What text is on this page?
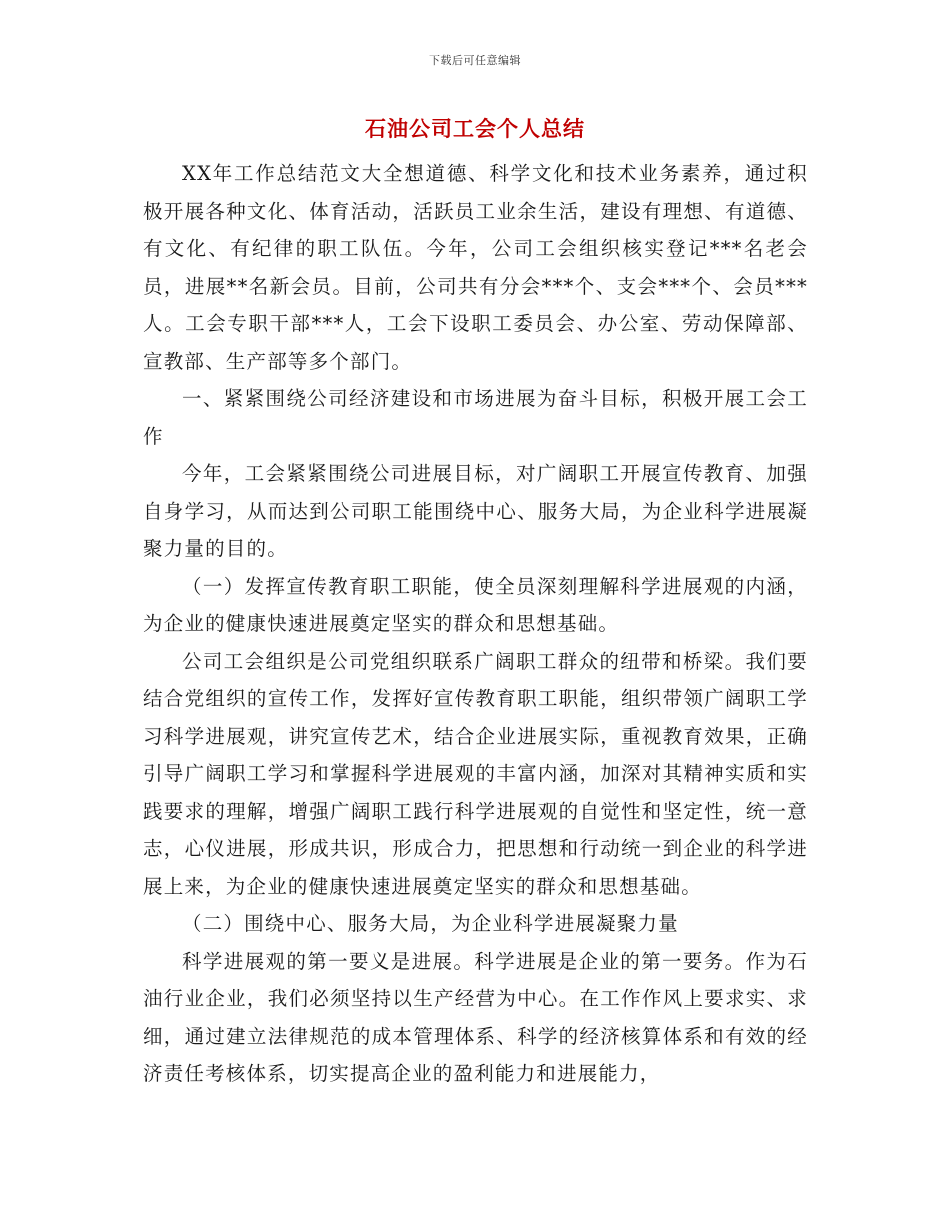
下载后可任意编辑
石油公司工会个人总结

XX年工作总结范文大全想道德、科学文化和技术业务素养，通过积极开展各种文化、体育活动，活跃员工业余生活，建设有理想、有道德、有文化、有纪律的职工队伍。今年，公司工会组织核实登记***名老会员，进展**名新会员。目前，公司共有分会***个、支会***个、会员***人。工会专职干部***人，工会下设职工委员会、办公室、劳动保障部、宣教部、生产部等多个部门。

一、紧紧围绕公司经济建设和市场进展为奋斗目标，积极开展工会工作

今年，工会紧紧围绕公司进展目标，对广阔职工开展宣传教育、加强自身学习，从而达到公司职工能围绕中心、服务大局，为企业科学进展凝聚力量的目的。

（一）发挥宣传教育职工职能，使全员深刻理解科学进展观的内涵，为企业的健康快速进展奠定坚实的群众和思想基础。

公司工会组织是公司党组织联系广阔职工群众的纽带和桥梁。我们要结合党组织的宣传工作，发挥好宣传教育职工职能，组织带领广阔职工学习科学进展观，讲究宣传艺术，结合企业进展实际，重视教育效果，正确引导广阔职工学习和掌握科学进展观的丰富内涵，加深对其精神实质和实践要求的理解，增强广阔职工践行科学进展观的自觉性和坚定性，统一意志，心仪进展，形成共识，形成合力，把思想和行动统一到企业的科学进展上来，为企业的健康快速进展奠定坚实的群众和思想基础。

（二）围绕中心、服务大局，为企业科学进展凝聚力量

科学进展观的第一要义是进展。科学进展是企业的第一要务。作为石油行业企业，我们必须坚持以生产经营为中心。在工作作风上要求实、求细，通过建立法律规范的成本管理体系、科学的经济核算体系和有效的经济责任考核体系，切实提高企业的盈利能力和进展能力，
